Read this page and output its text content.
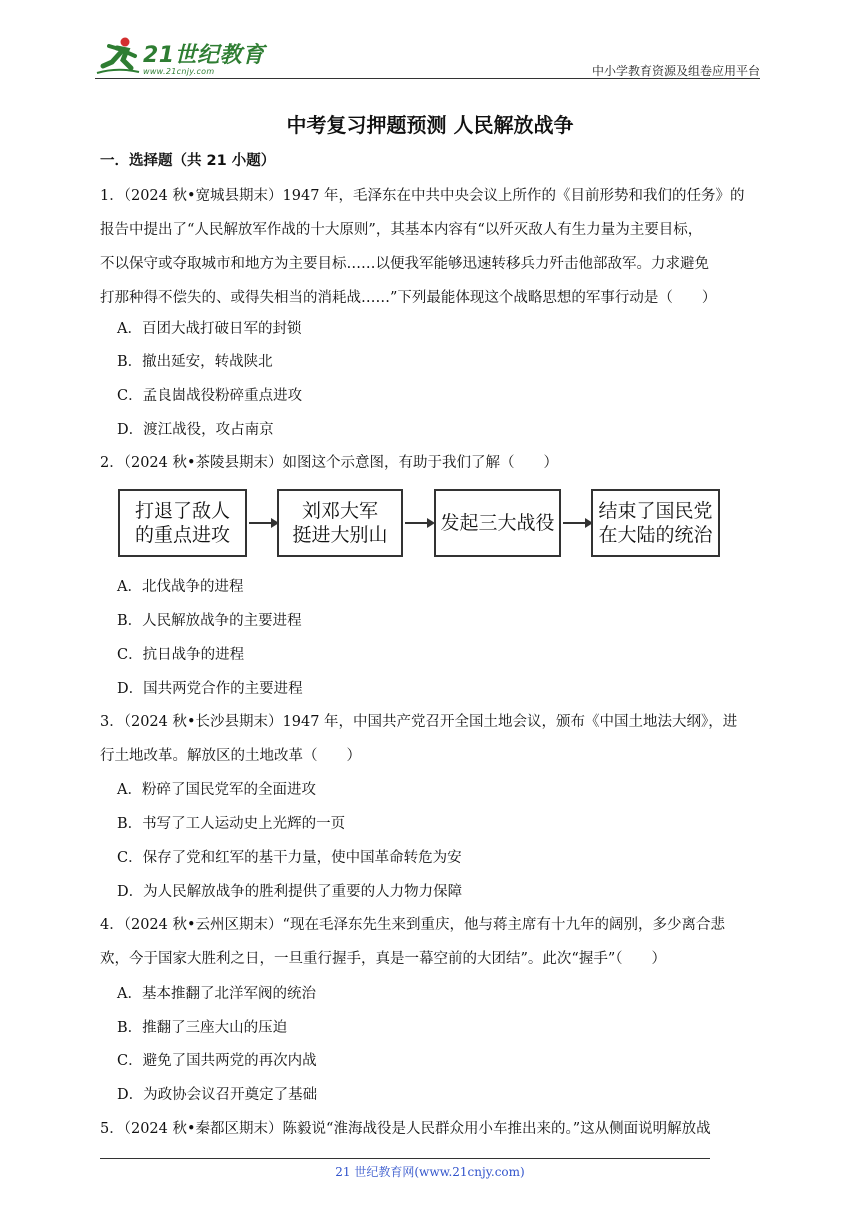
21世纪教育
www.21cnjy.com	中小学教育资源及组卷应用平台
中考复习押题预测 人民解放战争
一．选择题（共 21 小题）
1．（2024 秋•宽城县期末）1947 年，毛泽东在中共中央会议上所作的《目前形势和我们的任务》的
报告中提出了“人民解放军作战的十大原则”，其基本内容有“以歼灭敌人有生力量为主要目标，
不以保守或夺取城市和地方为主要目标……以便我军能够迅速转移兵力歼击他部敌军。力求避免
打那种得不偿失的、或得失相当的消耗战……”下列最能体现这个战略思想的军事行动是（　　）
A．百团大战打破日军的封锁
B．撤出延安，转战陕北
C．孟良崮战役粉碎重点进攻
D．渡江战役，攻占南京
2．（2024 秋•茶陵县期末）如图这个示意图，有助于我们了解（　　）
打退了敌人
的重点进攻
刘邓大军
挺进大别山
发起三大战役
结束了国民党
在大陆的统治
A．北伐战争的进程
B．人民解放战争的主要进程
C．抗日战争的进程
D．国共两党合作的主要进程
3．（2024 秋•长沙县期末）1947 年，中国共产党召开全国土地会议，颁布《中国土地法大纲》，进
行土地改革。解放区的土地改革（　　）
A．粉碎了国民党军的全面进攻
B．书写了工人运动史上光辉的一页
C．保存了党和红军的基干力量，使中国革命转危为安
D．为人民解放战争的胜利提供了重要的人力物力保障
4．（2024 秋•云州区期末）“现在毛泽东先生来到重庆，他与蒋主席有十九年的阔别，多少离合悲
欢，今于国家大胜利之日，一旦重行握手，真是一幕空前的大团结”。此次“握手”（　　）
A．基本推翻了北洋军阀的统治
B．推翻了三座大山的压迫
C．避免了国共两党的再次内战
D．为政协会议召开奠定了基础
5．（2024 秋•秦都区期末）陈毅说“淮海战役是人民群众用小车推出来的。”这从侧面说明解放战
21 世纪教育网(www.21cnjy.com)
